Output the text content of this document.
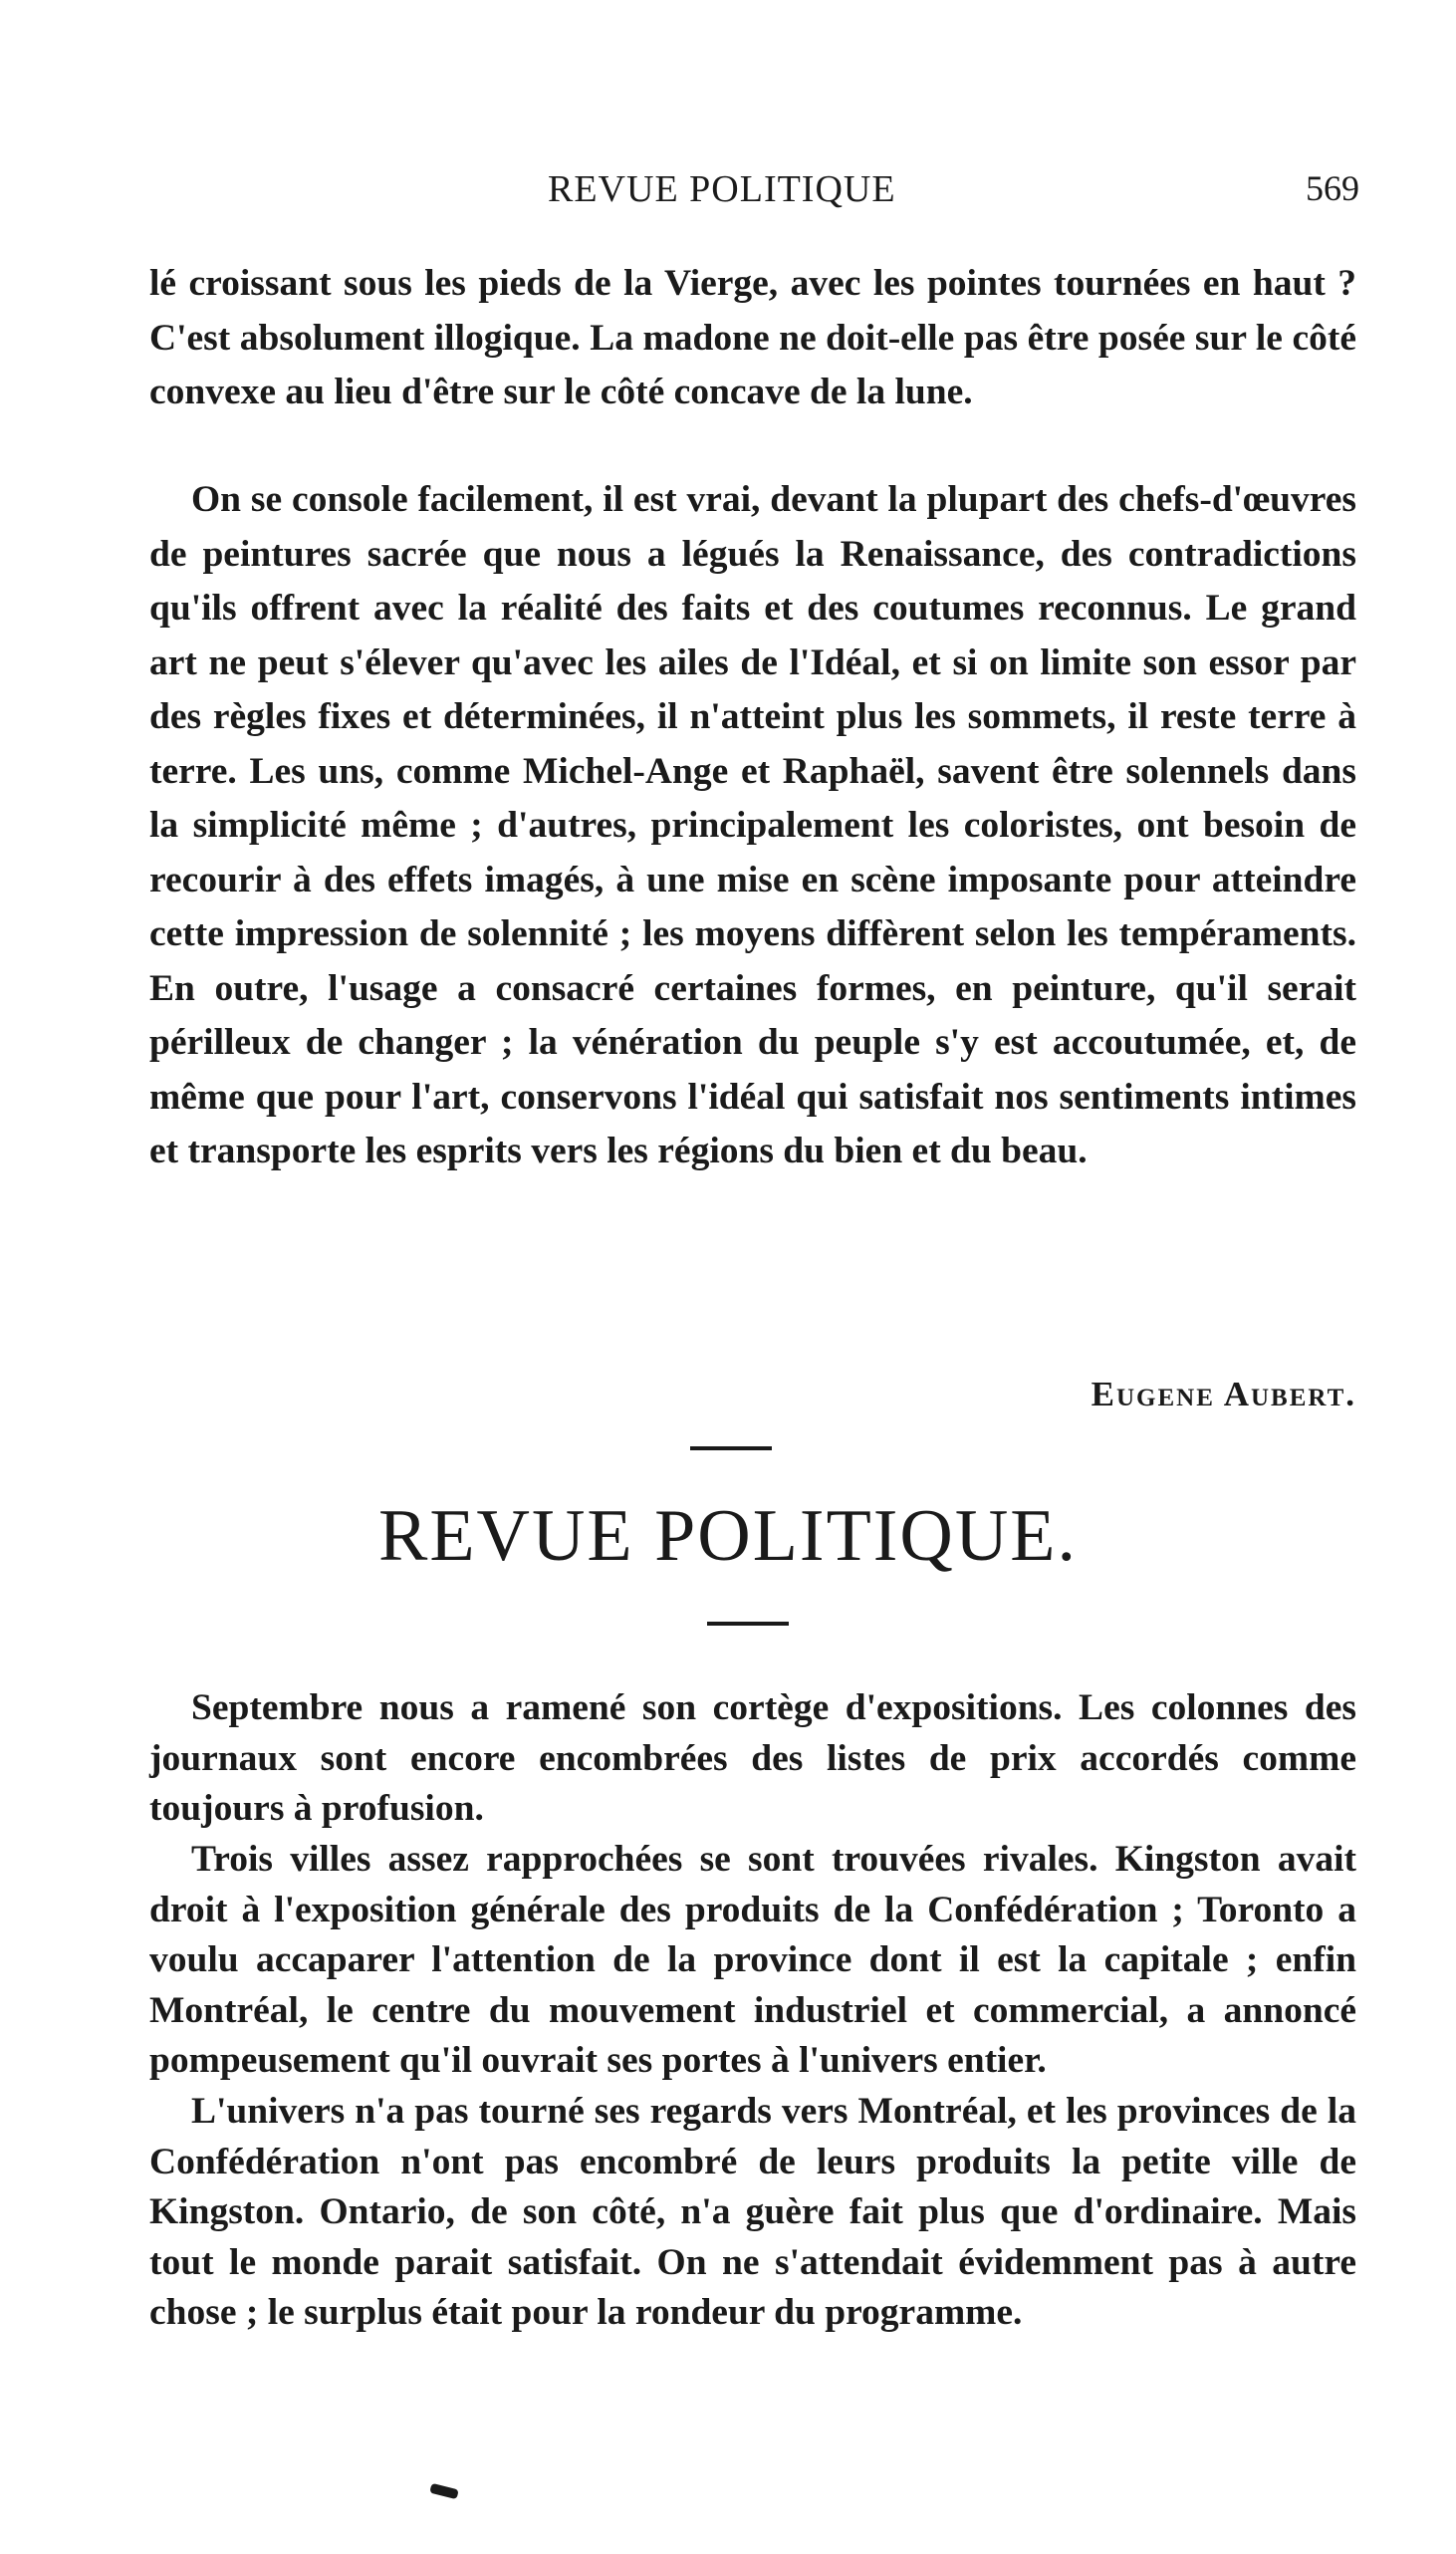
REVUE POLITIQUE	569

lé croissant sous les pieds de la Vierge, avec les pointes tournées en haut ? C'est absolument illogique. La madone ne doit-elle pas être posée sur le côté convexe au lieu d'être sur le côté concave de la lune.

On se console facilement, il est vrai, devant la plupart des chefs-d'œuvres de peintures sacrée que nous a légués la Renaissance, des contradictions qu'ils offrent avec la réalité des faits et des coutumes reconnus. Le grand art ne peut s'élever qu'avec les ailes de l'Idéal, et si on limite son essor par des règles fixes et déterminées, il n'atteint plus les sommets, il reste terre à terre. Les uns, comme Michel-Ange et Raphaël, savent être solennels dans la simplicité même ; d'autres, principalement les coloristes, ont besoin de recourir à des effets imagés, à une mise en scène imposante pour atteindre cette impression de solennité ; les moyens diffèrent selon les tempéraments. En outre, l'usage a consacré certaines formes, en peinture, qu'il serait périlleux de changer ; la vénération du peuple s'y est accoutumée, et, de même que pour l'art, conservons l'idéal qui satisfait nos sentiments intimes et transporte les esprits vers les régions du bien et du beau.

Eugene Aubert.
REVUE POLITIQUE.

Septembre nous a ramené son cortège d'expositions. Les colonnes des journaux sont encore encombrées des listes de prix accordés comme toujours à profusion.

Trois villes assez rapprochées se sont trouvées rivales. Kingston avait droit à l'exposition générale des produits de la Confédération ; Toronto a voulu accaparer l'attention de la province dont il est la capitale ; enfin Montréal, le centre du mouvement industriel et commercial, a annoncé pompeusement qu'il ouvrait ses portes à l'univers entier.

L'univers n'a pas tourné ses regards vers Montréal, et les provinces de la Confédération n'ont pas encombré de leurs produits la petite ville de Kingston. Ontario, de son côté, n'a guère fait plus que d'ordinaire. Mais tout le monde parait satisfait. On ne s'attendait évidemment pas à autre chose ; le surplus était pour la rondeur du programme.
